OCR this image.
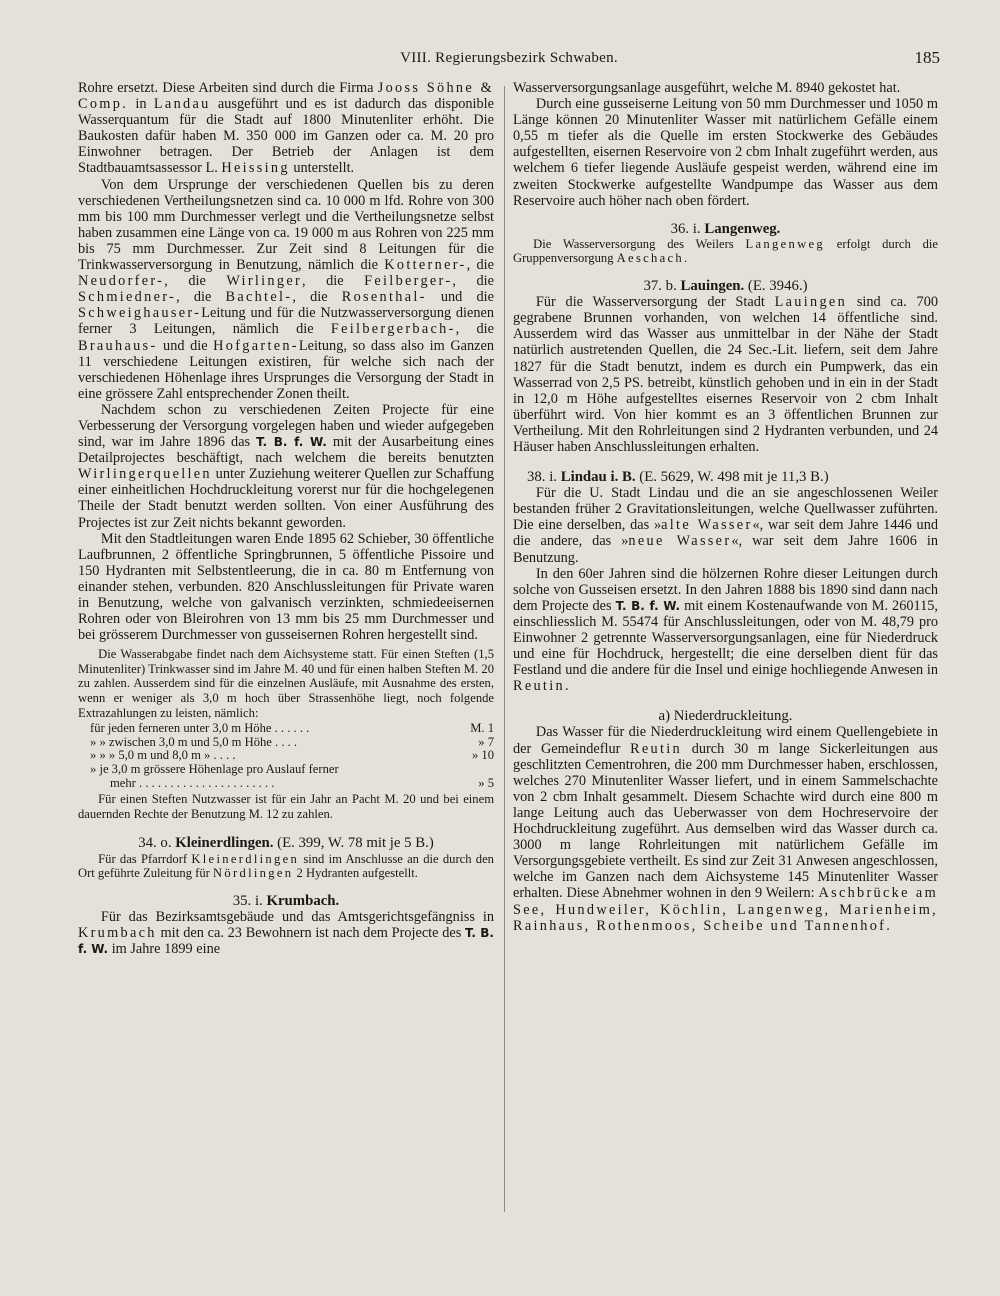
VIII. Regierungsbezirk Schwaben.	185

Rohre ersetzt. Diese Arbeiten sind durch die Firma Jooss Söhne & Comp. in Landau ausgeführt und es ist dadurch das disponible Wasserquantum für die Stadt auf 1800 Minutenliter erhöht. Die Baukosten dafür haben M. 350 000 im Ganzen oder ca. M. 20 pro Einwohner betragen. Der Betrieb der Anlagen ist dem Stadtbauamtsassessor L. Heissing unterstellt.

Von dem Ursprunge der verschiedenen Quellen bis zu deren verschiedenen Vertheilungsnetzen sind ca. 10 000 m lfd. Rohre von 300 mm bis 100 mm Durchmesser verlegt und die Vertheilungsnetze selbst haben zusammen eine Länge von ca. 19 000 m aus Rohren von 225 mm bis 75 mm Durchmesser. Zur Zeit sind 8 Leitungen für die Trinkwasserversorgung in Benutzung, nämlich die Kotterner-, die Neudorfer-, die Wirlinger, die Feilberger-, die Schmiedner-, die Bachtel-, die Rosenthal- und die Schweighauser-Leitung und für die Nutzwasserversorgung dienen ferner 3 Leitungen, nämlich die Feilbergerbach-, die Brauhaus- und die Hofgarten-Leitung, so dass also im Ganzen 11 verschiedene Leitungen existiren, für welche sich nach der verschiedenen Höhenlage ihres Ursprunges die Versorgung der Stadt in eine grössere Zahl entsprechender Zonen theilt.

Nachdem schon zu verschiedenen Zeiten Projecte für eine Verbesserung der Versorgung vorgelegen haben und wieder aufgegeben sind, war im Jahre 1896 das T. B. f. W. mit der Ausarbeitung eines Detailprojectes beschäftigt, nach welchem die bereits benutzten Wirlingerquellen unter Zuziehung weiterer Quellen zur Schaffung einer einheitlichen Hochdruckleitung vorerst nur für die hochgelegenen Theile der Stadt benutzt werden sollten. Von einer Ausführung des Projectes ist zur Zeit nichts bekannt geworden.

Mit den Stadtleitungen waren Ende 1895 62 Schieber, 30 öffentliche Laufbrunnen, 2 öffentliche Springbrunnen, 5 öffentliche Pissoire und 150 Hydranten mit Selbstentleerung, die in ca. 80 m Entfernung von einander stehen, verbunden. 820 Anschlussleitungen für Private waren in Benutzung, welche von galvanisch verzinkten, schmiedeeisernen Rohren oder von Bleirohren von 13 mm bis 25 mm Durchmesser und bei grösserem Durchmesser von gusseisernen Rohren hergestellt sind.

Die Wasserabgabe findet nach dem Aichsysteme statt. Für einen Steften (1,5 Minutenliter) Trinkwasser sind im Jahre M. 40 und für einen halben Steften M. 20 zu zahlen. Ausserdem sind für die einzelnen Ausläufe, mit Ausnahme des ersten, wenn er weniger als 3,0 m hoch über Strassenhöhe liegt, noch folgende Extrazahlungen zu leisten, nämlich:

für jeden ferneren unter 3,0 m Höhe . . . . . .	M. 1
» » zwischen 3,0 m und 5,0 m Höhe . . . .	» 7
» » » 5,0 m und 8,0 m » . . . .	» 10
» je 3,0 m grössere Höhenlage pro Auslauf ferner
mehr . . . . . . . . . . . . . . . . . . . . . .	» 5

Für einen Steften Nutzwasser ist für ein Jahr an Pacht M. 20 und bei einem dauernden Rechte der Benutzung M. 12 zu zahlen.

34. o. Kleinerdlingen. (E. 399, W. 78 mit je 5 B.)

Für das Pfarrdorf Kleinerdlingen sind im Anschlusse an die durch den Ort geführte Zuleitung für Nördlingen 2 Hydranten aufgestellt.

35. i. Krumbach.

Für das Bezirksamtsgebäude und das Amtsgerichtsgefängniss in Krumbach mit den ca. 23 Bewohnern ist nach dem Projecte des T. B. f. W. im Jahre 1899 eine

Wasserversorgungsanlage ausgeführt, welche M. 8940 gekostet hat.

Durch eine gusseiserne Leitung von 50 mm Durchmesser und 1050 m Länge können 20 Minutenliter Wasser mit natürlichem Gefälle einem 0,55 m tiefer als die Quelle im ersten Stockwerke des Gebäudes aufgestellten, eisernen Reservoire von 2 cbm Inhalt zugeführt werden, aus welchem 6 tiefer liegende Ausläufe gespeist werden, während eine im zweiten Stockwerke aufgestellte Wandpumpe das Wasser aus dem Reservoire auch höher nach oben fördert.

36. i. Langenweg.

Die Wasserversorgung des Weilers Langenweg erfolgt durch die Gruppenversorgung Aeschach.

37. b. Lauingen. (E. 3946.)

Für die Wasserversorgung der Stadt Lauingen sind ca. 700 gegrabene Brunnen vorhanden, von welchen 14 öffentliche sind. Ausserdem wird das Wasser aus unmittelbar in der Nähe der Stadt natürlich austretenden Quellen, die 24 Sec.-Lit. liefern, seit dem Jahre 1827 für die Stadt benutzt, indem es durch ein Pumpwerk, das ein Wasserrad von 2,5 PS. betreibt, künstlich gehoben und in ein in der Stadt in 12,0 m Höhe aufgestelltes eisernes Reservoir von 2 cbm Inhalt überführt wird. Von hier kommt es an 3 öffentlichen Brunnen zur Vertheilung. Mit den Rohrleitungen sind 2 Hydranten verbunden, und 24 Häuser haben Anschlussleitungen erhalten.

38. i. Lindau i. B. (E. 5629, W. 498 mit je 11,3 B.)

Für die U. Stadt Lindau und die an sie angeschlossenen Weiler bestanden früher 2 Gravitationsleitungen, welche Quellwasser zuführten. Die eine derselben, das »alte Wasser«, war seit dem Jahre 1446 und die andere, das »neue Wasser«, war seit dem Jahre 1606 in Benutzung.

In den 60er Jahren sind die hölzernen Rohre dieser Leitungen durch solche von Gusseisen ersetzt. In den Jahren 1888 bis 1890 sind dann nach dem Projecte des T. B. f. W. mit einem Kostenaufwande von M. 260115, einschliesslich M. 55474 für Anschlussleitungen, oder von M. 48,79 pro Einwohner 2 getrennte Wasserversorgungsanlagen, eine für Niederdruck und eine für Hochdruck, hergestellt; die eine derselben dient für das Festland und die andere für die Insel und einige hochliegende Anwesen in Reutin.

a) Niederdruckleitung.

Das Wasser für die Niederdruckleitung wird einem Quellengebiete in der Gemeindeflur Reutin durch 30 m lange Sickerleitungen aus geschlitzten Cementrohren, die 200 mm Durchmesser haben, erschlossen, welches 270 Minutenliter Wasser liefert, und in einem Sammelschachte von 2 cbm Inhalt gesammelt. Diesem Schachte wird durch eine 800 m lange Leitung auch das Ueberwasser von dem Hochreservoire der Hochdruckleitung zugeführt. Aus demselben wird das Wasser durch ca. 3000 m lange Rohrleitungen mit natürlichem Gefälle im Versorgungsgebiete vertheilt. Es sind zur Zeit 31 Anwesen angeschlossen, welche im Ganzen nach dem Aichsysteme 145 Minutenliter Wasser erhalten. Diese Abnehmer wohnen in den 9 Weilern: Aschbrücke am See, Hundweiler, Köchlin, Langenweg, Marienheim, Rainhaus, Rothenmoos, Scheibe und Tannenhof.
